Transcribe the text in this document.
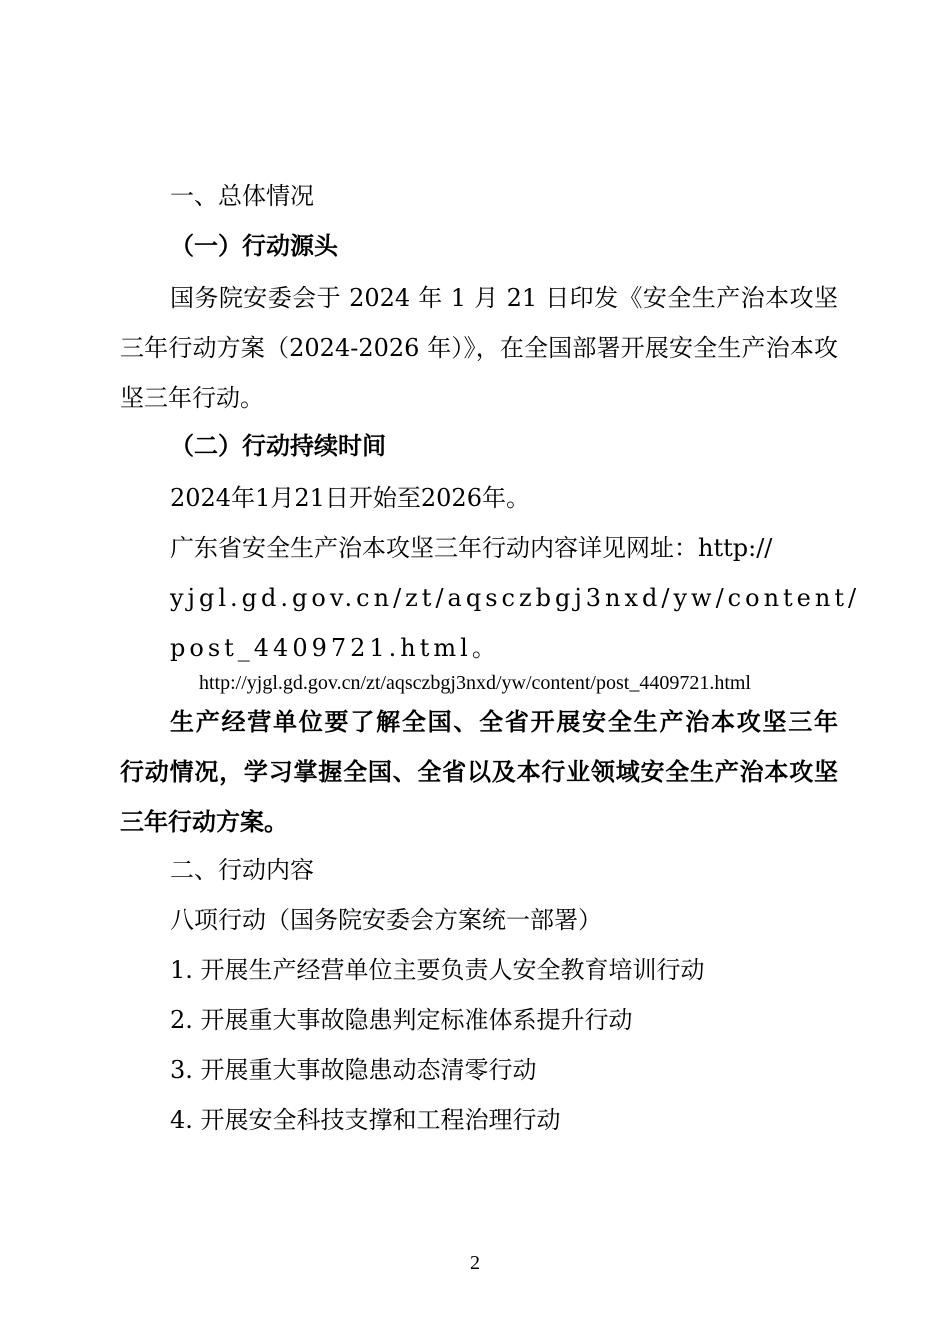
一、总体情况
（一）行动源头
国务院安委会于 2024 年 1 月 21 日印发《安全生产治本攻坚
三年行动方案（2024-2026 年）》，在全国部署开展安全生产治本攻
坚三年行动。
（二）行动持续时间
2024年1月21日开始至2026年。
广东省安全生产治本攻坚三年行动内容详见网址：http://
yjgl.gd.gov.cn/zt/aqsczbgj3nxd/yw/content/
post_4409721.html。
http://yjgl.gd.gov.cn/zt/aqsczbgj3nxd/yw/content/post_4409721.html
生产经营单位要了解全国、全省开展安全生产治本攻坚三年
行动情况，学习掌握全国、全省以及本行业领域安全生产治本攻坚
三年行动方案。
二、行动内容
八项行动（国务院安委会方案统一部署）
1. 开展生产经营单位主要负责人安全教育培训行动
2. 开展重大事故隐患判定标准体系提升行动
3. 开展重大事故隐患动态清零行动
4. 开展安全科技支撑和工程治理行动
2
